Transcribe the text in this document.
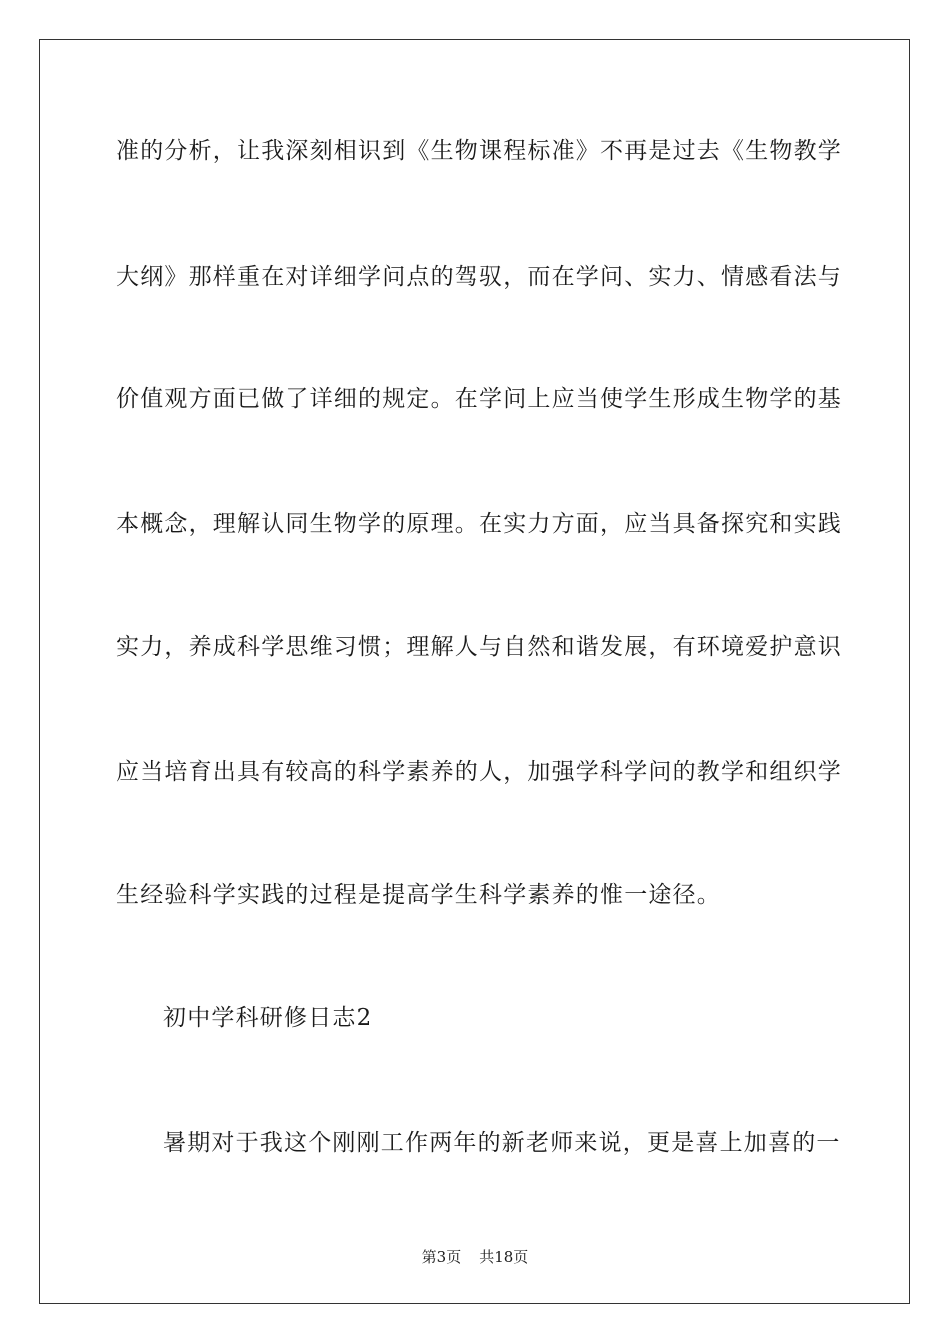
准的分析，让我深刻相识到《生物课程标准》不再是过去《生物教学
大纲》那样重在对详细学问点的驾驭，而在学问、实力、情感看法与
价值观方面已做了详细的规定。在学问上应当使学生形成生物学的基
本概念，理解认同生物学的原理。在实力方面，应当具备探究和实践
实力，养成科学思维习惯；理解人与自然和谐发展，有环境爱护意识
应当培育出具有较高的科学素养的人，加强学科学问的教学和组织学
生经验科学实践的过程是提高学生科学素养的惟一途径。
初中学科研修日志2
暑期对于我这个刚刚工作两年的新老师来说，更是喜上加喜的一
第3页 共18页
